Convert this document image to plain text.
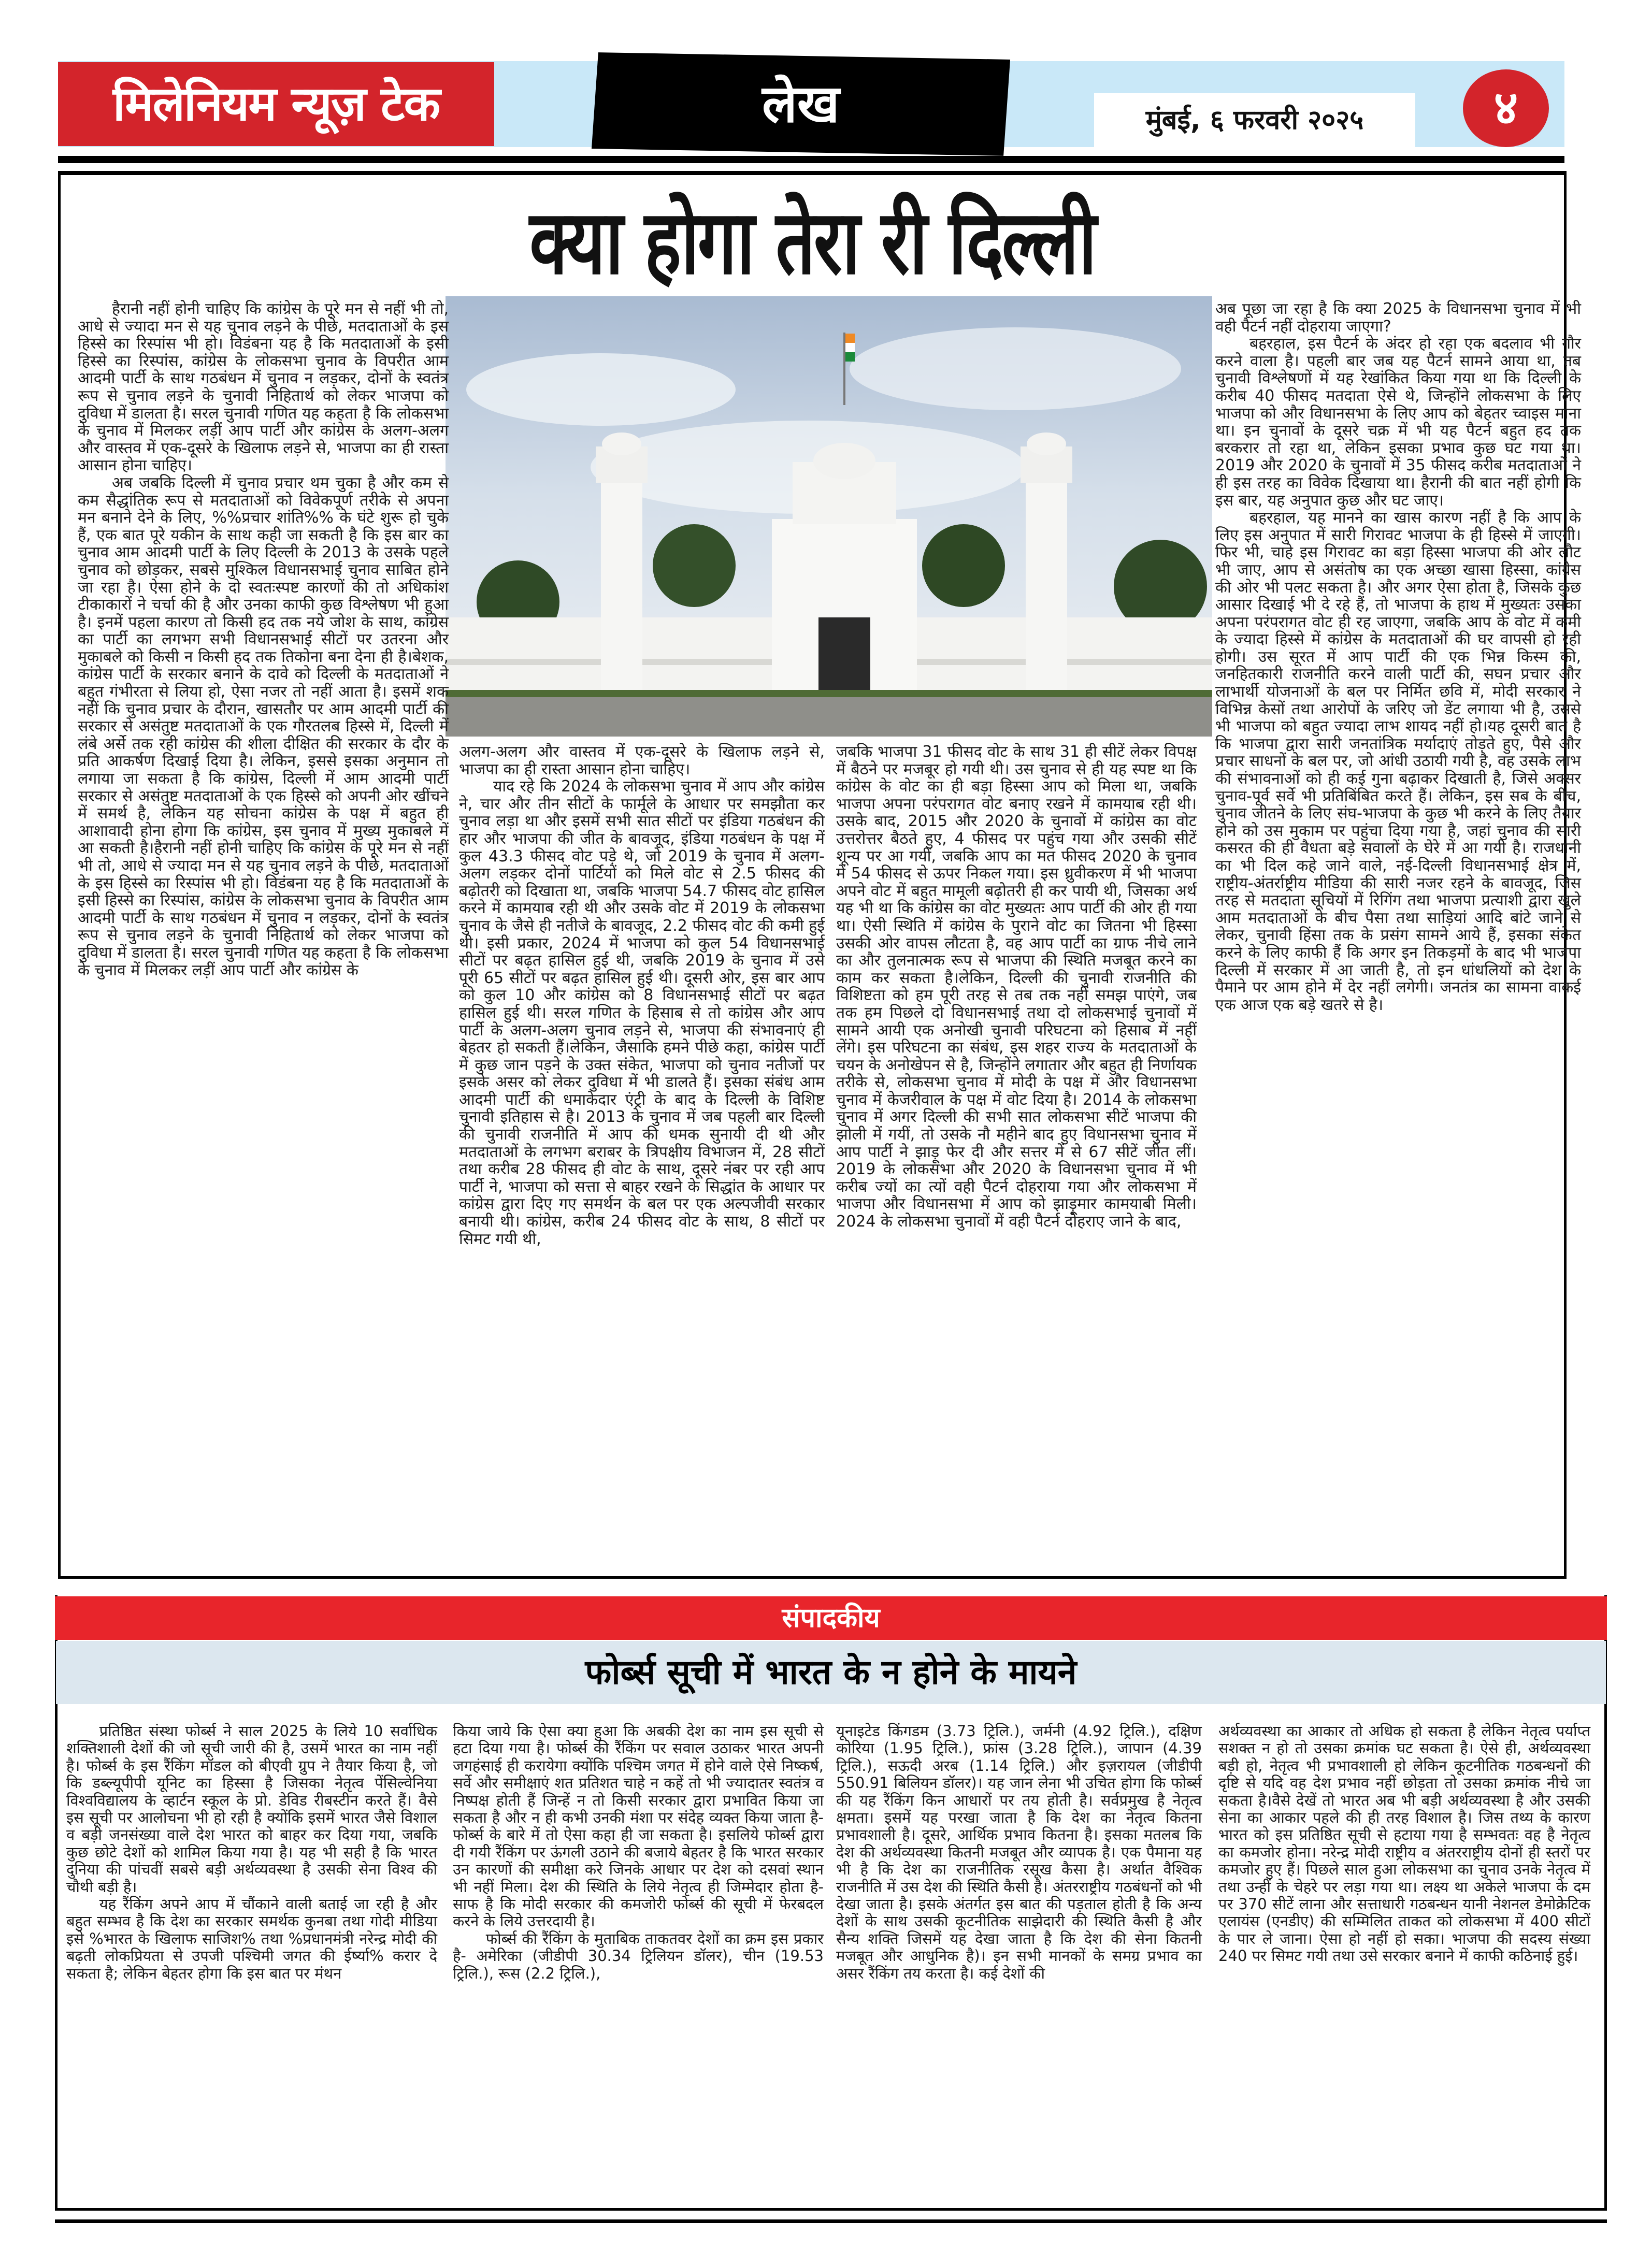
मिलेनियम न्यूज़ टेक	लेख	मुंबई, ६ फरवरी २०२५	४
क्या होगा तेरा री दिल्ली

हैरानी नहीं होनी चाहिए कि कांग्रेस के पूरे मन से नहीं भी तो, आधे से ज्यादा मन से यह चुनाव लड़ने के पीछे, मतदाताओं के इस हिस्से का रिस्पांस भी हो। विडंबना यह है कि मतदाताओं के इसी हिस्से का रिस्पांस, कांग्रेस के लोकसभा चुनाव के विपरीत आम आदमी पार्टी के साथ गठबंधन में चुनाव न लड़कर, दोनों के स्वतंत्र रूप से चुनाव लड़ने के चुनावी निहितार्थ को लेकर भाजपा को दुविधा में डालता है। सरल चुनावी गणित यह कहता है कि लोकसभा के चुनाव में मिलकर लड़ीं आप पार्टी और कांग्रेस के अलग-अलग और वास्तव में एक-दूसरे के खिलाफ लड़ने से, भाजपा का ही रास्ता आसान होना चाहिए।

अब जबकि दिल्ली में चुनाव प्रचार थम चुका है और कम से कम सैद्धांतिक रूप से मतदाताओं को विवेकपूर्ण तरीके से अपना मन बनाने देने के लिए, %%प्रचार शांति%% के घंटे शुरू हो चुके हैं, एक बात पूरे यकीन के साथ कही जा सकती है कि इस बार का चुनाव आम आदमी पार्टी के लिए दिल्ली के 2013 के उसके पहले चुनाव को छोड़कर, सबसे मुश्किल विधानसभाई चुनाव साबित होने जा रहा है। ऐसा होने के दो स्वतःस्पष्ट कारणों की तो अधिकांश टीकाकारों ने चर्चा की है और उनका काफी कुछ विश्लेषण भी हुआ है। इनमें पहला कारण तो किसी हद तक नये जोश के साथ, कांग्रेस का पार्टी का लगभग सभी विधानसभाई सीटों पर उतरना और मुकाबले को किसी न किसी हद तक तिकोना बना देना ही है।बेशक, कांग्रेस पार्टी के सरकार बनाने के दावे को दिल्ली के मतदाताओं ने बहुत गंभीरता से लिया हो, ऐसा नजर तो नहीं आता है। इसमें शक नहीं कि चुनाव प्रचार के दौरान, खासतौर पर आम आदमी पार्टी की सरकार से असंतुष्ट मतदाताओं के एक गौरतलब हिस्से में, दिल्ली में लंबे अर्से तक रही कांग्रेस की शीला दीक्षित की सरकार के दौर के प्रति आकर्षण दिखाई दिया है। लेकिन, इससे इसका अनुमान तो लगाया जा सकता है कि कांग्रेस, दिल्ली में आम आदमी पार्टी सरकार से असंतुष्ट मतदाताओं के एक हिस्से को अपनी ओर खींचने में समर्थ है, लेकिन यह सोचना कांग्रेस के पक्ष में बहुत ही आशावादी होना होगा कि कांग्रेस, इस चुनाव में मुख्य मुकाबले में आ सकती है।हैरानी नहीं होनी चाहिए कि कांग्रेस के पूरे मन से नहीं भी तो, आधे से ज्यादा मन से यह चुनाव लड़ने के पीछे, मतदाताओं के इस हिस्से का रिस्पांस भी हो। विडंबना यह है कि मतदाताओं के इसी हिस्से का रिस्पांस, कांग्रेस के लोकसभा चुनाव के विपरीत आम आदमी पार्टी के साथ गठबंधन में चुनाव न लड़कर, दोनों के स्वतंत्र रूप से चुनाव लड़ने के चुनावी निहितार्थ को लेकर भाजपा को दुविधा में डालता है। सरल चुनावी गणित यह कहता है कि लोकसभा के चुनाव में मिलकर लड़ीं आप पार्टी और कांग्रेस के

अलग-अलग और वास्तव में एक-दूसरे के खिलाफ लड़ने से, भाजपा का ही रास्ता आसान होना चाहिए।

याद रहे कि 2024 के लोकसभा चुनाव में आप और कांग्रेस ने, चार और तीन सीटों के फार्मूले के आधार पर समझौता कर चुनाव लड़ा था और इसमें सभी सात सीटों पर इंडिया गठबंधन की हार और भाजपा की जीत के बावजूद, इंडिया गठबंधन के पक्ष में कुल 43.3 फीसद वोट पड़े थे, जो 2019 के चुनाव में अलग-अलग लड़कर दोनों पार्टियों को मिले वोट से 2.5 फीसद की बढ़ोतरी को दिखाता था, जबकि भाजपा 54.7 फीसद वोट हासिल करने में कामयाब रही थी और उसके वोट में 2019 के लोकसभा चुनाव के जैसे ही नतीजे के बावजूद, 2.2 फीसद वोट की कमी हुई थी। इसी प्रकार, 2024 में भाजपा को कुल 54 विधानसभाई सीटों पर बढ़त हासिल हुई थी, जबकि 2019 के चुनाव में उसे पूरी 65 सीटों पर बढ़त हासिल हुई थी। दूसरी ओर, इस बार आप को कुल 10 और कांग्रेस को 8 विधानसभाई सीटों पर बढ़त हासिल हुई थी। सरल गणित के हिसाब से तो कांग्रेस और आप पार्टी के अलग-अलग चुनाव लड़ने से, भाजपा की संभावनाएं ही बेहतर हो सकती हैं।लेकिन, जैसाकि हमने पीछे कहा, कांग्रेस पार्टी में कुछ जान पड़ने के उक्त संकेत, भाजपा को चुनाव नतीजों पर इसके असर को लेकर दुविधा में भी डालते हैं। इसका संबंध आम आदमी पार्टी की धमाकेदार एंट्री के बाद के दिल्ली के विशिष्ट चुनावी इतिहास से है। 2013 के चुनाव में जब पहली बार दिल्ली की चुनावी राजनीति में आप की धमक सुनायी दी थी और मतदाताओं के लगभग बराबर के त्रिपक्षीय विभाजन में, 28 सीटों तथा करीब 28 फीसद ही वोट के साथ, दूसरे नंबर पर रही आप पार्टी ने, भाजपा को सत्ता से बाहर रखने के सिद्धांत के आधार पर कांग्रेस द्वारा दिए गए समर्थन के बल पर एक अल्पजीवी सरकार बनायी थी। कांग्रेस, करीब 24 फीसद वोट के साथ, 8 सीटों पर सिमट गयी थी,

जबकि भाजपा 31 फीसद वोट के साथ 31 ही सीटें लेकर विपक्ष में बैठने पर मजबूर हो गयी थी। उस चुनाव से ही यह स्पष्ट था कि कांग्रेस के वोट का ही बड़ा हिस्सा आप को मिला था, जबकि भाजपा अपना परंपरागत वोट बनाए रखने में कामयाब रही थी। उसके बाद, 2015 और 2020 के चुनावों में कांग्रेस का वोट उत्तरोत्तर बैठते हुए, 4 फीसद पर पहुंच गया और उसकी सीटें शून्य पर आ गयीं, जबकि आप का मत फीसद 2020 के चुनाव में 54 फीसद से ऊपर निकल गया। इस ध्रुवीकरण में भी भाजपा अपने वोट में बहुत मामूली बढ़ोतरी ही कर पायी थी, जिसका अर्थ यह भी था कि कांग्रेस का वोट मुख्यतः आप पार्टी की ओर ही गया था। ऐसी स्थिति में कांग्रेस के पुराने वोट का जितना भी हिस्सा उसकी ओर वापस लौटता है, वह आप पार्टी का ग्राफ नीचे लाने का और तुलनात्मक रूप से भाजपा की स्थिति मजबूत करने का काम कर सकता है।लेकिन, दिल्ली की चुनावी राजनीति की विशिष्टता को हम पूरी तरह से तब तक नहीं समझ पाएंगे, जब तक हम पिछले दो विधानसभाई तथा दो लोकसभाई चुनावों में सामने आयी एक अनोखी चुनावी परिघटना को हिसाब में नहीं लेंगे। इस परिघटना का संबंध, इस शहर राज्य के मतदाताओं के चयन के अनोखेपन से है, जिन्होंने लगातार और बहुत ही निर्णायक तरीके से, लोकसभा चुनाव में मोदी के पक्ष में और विधानसभा चुनाव में केजरीवाल के पक्ष में वोट दिया है। 2014 के लोकसभा चुनाव में अगर दिल्ली की सभी सात लोकसभा सीटें भाजपा की झोली में गयीं, तो उसके नौ महीने बाद हुए विधानसभा चुनाव में आप पार्टी ने झाड़ू फेर दी और सत्तर में से 67 सीटें जीत लीं। 2019 के लोकसभा और 2020 के विधानसभा चुनाव में भी करीब ज्यों का त्यों वही पैटर्न दोहराया गया और लोकसभा में भाजपा और विधानसभा में आप को झाड़ूमार कामयाबी मिली। 2024 के लोकसभा चुनावों में वही पैटर्न दोहराए जाने के बाद,

अब पूछा जा रहा है कि क्या 2025 के विधानसभा चुनाव में भी वही पैटर्न नहीं दोहराया जाएगा?

बहरहाल, इस पैटर्न के अंदर हो रहा एक बदलाव भी गौर करने वाला है। पहली बार जब यह पैटर्न सामने आया था, तब चुनावी विश्लेषणों में यह रेखांकित किया गया था कि दिल्ली के करीब 40 फीसद मतदाता ऐसे थे, जिन्होंने लोकसभा के लिए भाजपा को और विधानसभा के लिए आप को बेहतर च्वाइस माना था। इन चुनावों के दूसरे चक्र में भी यह पैटर्न बहुत हद तक बरकरार तो रहा था, लेकिन इसका प्रभाव कुछ घट गया था। 2019 और 2020 के चुनावों में 35 फीसद करीब मतदाताओं ने ही इस तरह का विवेक दिखाया था। हैरानी की बात नहीं होगी कि इस बार, यह अनुपात कुछ और घट जाए।

बहरहाल, यह मानने का खास कारण नहीं है कि आप के लिए इस अनुपात में सारी गिरावट भाजपा के ही हिस्से में जाएगी। फिर भी, चाहे इस गिरावट का बड़ा हिस्सा भाजपा की ओर लौट भी जाए, आप से असंतोष का एक अच्छा खासा हिस्सा, कांग्रेस की ओर भी पलट सकता है। और अगर ऐसा होता है, जिसके कुछ आसार दिखाई भी दे रहे हैं, तो भाजपा के हाथ में मुख्यतः उसका अपना परंपरागत वोट ही रह जाएगा, जबकि आप के वोट में कमी के ज्यादा हिस्से में कांग्रेस के मतदाताओं की घर वापसी हो रही होगी। उस सूरत में आप पार्टी की एक भिन्न किस्म की, जनहितकारी राजनीति करने वाली पार्टी की, सघन प्रचार और लाभार्थी योजनाओं के बल पर निर्मित छवि में, मोदी सरकार ने विभिन्न केसों तथा आरोपों के जरिए जो डेंट लगाया भी है, उससे भी भाजपा को बहुत ज्यादा लाभ शायद नहीं हो।यह दूसरी बात है कि भाजपा द्वारा सारी जनतांत्रिक मर्यादाएं तोड़ते हुए, पैसे और प्रचार साधनों के बल पर, जो आंधी उठायी गयी है, वह उसके लाभ की संभावनाओं को ही कई गुना बढ़ाकर दिखाती है, जिसे अक्सर चुनाव-पूर्व सर्वे भी प्रतिबिंबित करते हैं। लेकिन, इस सब के बीच, चुनाव जीतने के लिए संघ-भाजपा के कुछ भी करने के लिए तैयार होने को उस मुकाम पर पहुंचा दिया गया है, जहां चुनाव की सारी कसरत की ही वैधता बड़े सवालों के घेरे में आ गयी है। राजधानी का भी दिल कहे जाने वाले, नई-दिल्ली विधानसभाई क्षेत्र में, राष्ट्रीय-अंतर्राष्ट्रीय मीडिया की सारी नजर रहने के बावजूद, जिस तरह से मतदाता सूचियों में रिगिंग तथा भाजपा प्रत्याशी द्वारा खुले आम मतदाताओं के बीच पैसा तथा साड़ियां आदि बांटे जाने से लेकर, चुनावी हिंसा तक के प्रसंग सामने आये हैं, इसका संकेत करने के लिए काफी हैं कि अगर इन तिकड़मों के बाद भी भाजपा दिल्ली में सरकार में आ जाती है, तो इन धांधलियों को देश के पैमाने पर आम होने में देर नहीं लगेगी। जनतंत्र का सामना वाकई एक आज एक बड़े खतरे से है।

संपादकीय
फोर्ब्स सूची में भारत के न होने के मायने

प्रतिष्ठित संस्था फोर्ब्स ने साल 2025 के लिये 10 सर्वाधिक शक्तिशाली देशों की जो सूची जारी की है, उसमें भारत का नाम नहीं है। फोर्ब्स के इस रैंकिंग मॉडल को बीएवी ग्रुप ने तैयार किया है, जो कि डब्ल्यूपीपी यूनिट का हिस्सा है जिसका नेतृत्व पेंसिल्वेनिया विश्वविद्यालय के व्हार्टन स्कूल के प्रो. डेविड रीबस्टीन करते हैं। वैसे इस सूची पर आलोचना भी हो रही है क्योंकि इसमें भारत जैसे विशाल व बड़ी जनसंख्या वाले देश भारत को बाहर कर दिया गया, जबकि कुछ छोटे देशों को शामिल किया गया है। यह भी सही है कि भारत दुनिया की पांचवीं सबसे बड़ी अर्थव्यवस्था है उसकी सेना विश्व की चौथी बड़ी है।

यह रैंकिंग अपने आप में चौंकाने वाली बताई जा रही है और बहुत सम्भव है कि देश का सरकार समर्थक कुनबा तथा गोदी मीडिया इसे %भारत के खिलाफ साजिश% तथा %प्रधानमंत्री नरेन्द्र मोदी की बढ़ती लोकप्रियता से उपजी पश्चिमी जगत की ईर्ष्या% करार दे सकता है; लेकिन बेहतर होगा कि इस बात पर मंथन

किया जाये कि ऐसा क्या हुआ कि अबकी देश का नाम इस सूची से हटा दिया गया है। फोर्ब्स की रैंकिंग पर सवाल उठाकर भारत अपनी जगहंसाई ही करायेगा क्योंकि पश्चिम जगत में होने वाले ऐसे निष्कर्ष, सर्वे और समीक्षाएं शत प्रतिशत चाहे न कहें तो भी ज्यादातर स्वतंत्र व निष्पक्ष होती हैं जिन्हें न तो किसी सरकार द्वारा प्रभावित किया जा सकता है और न ही कभी उनकी मंशा पर संदेह व्यक्त किया जाता है- फोर्ब्स के बारे में तो ऐसा कहा ही जा सकता है। इसलिये फोर्ब्स द्वारा दी गयी रैंकिंग पर ऊंगली उठाने की बजाये बेहतर है कि भारत सरकार उन कारणों की समीक्षा करे जिनके आधार पर देश को दसवां स्थान भी नहीं मिला। देश की स्थिति के लिये नेतृत्व ही जिम्मेदार होता है- साफ है कि मोदी सरकार की कमजोरी फोर्ब्स की सूची में फेरबदल करने के लिये उत्तरदायी है।

फोर्ब्स की रैंकिंग के मुताबिक ताकतवर देशों का क्रम इस प्रकार है- अमेरिका (जीडीपी 30.34 ट्रिलियन डॉलर), चीन (19.53 ट्रिलि.), रूस (2.2 ट्रिलि.),

यूनाइटेड किंगडम (3.73 ट्रिलि.), जर्मनी (4.92 ट्रिलि.), दक्षिण कोरिया (1.95 ट्रिलि.), फ्रांस (3.28 ट्रिलि.), जापान (4.39 ट्रिलि.), सऊदी अरब (1.14 ट्रिलि.) और इज़रायल (जीडीपी 550.91 बिलियन डॉलर)। यह जान लेना भी उचित होगा कि फोर्ब्स की यह रैंकिंग किन आधारों पर तय होती है। सर्वप्रमुख है नेतृत्व क्षमता। इसमें यह परखा जाता है कि देश का नेतृत्व कितना प्रभावशाली है। दूसरे, आर्थिक प्रभाव कितना है। इसका मतलब कि देश की अर्थव्यवस्था कितनी मजबूत और व्यापक है। एक पैमाना यह भी है कि देश का राजनीतिक रसूख कैसा है। अर्थात वैश्विक राजनीति में उस देश की स्थिति कैसी है। अंतरराष्ट्रीय गठबंधनों को भी देखा जाता है। इसके अंतर्गत इस बात की पड़ताल होती है कि अन्य देशों के साथ उसकी कूटनीतिक साझेदारी की स्थिति कैसी है और सैन्य शक्ति जिसमें यह देखा जाता है कि देश की सेना कितनी मजबूत और आधुनिक है)। इन सभी मानकों के समग्र प्रभाव का असर रैंकिंग तय करता है। कई देशों की

अर्थव्यवस्था का आकार तो अधिक हो सकता है लेकिन नेतृत्व पर्याप्त सशक्त न हो तो उसका क्रमांक घट सकता है। ऐसे ही, अर्थव्यवस्था बड़ी हो, नेतृत्व भी प्रभावशाली हो लेकिन कूटनीतिक गठबन्धनों की दृष्टि से यदि वह देश प्रभाव नहीं छोड़ता तो उसका क्रमांक नीचे जा सकता है।वैसे देखें तो भारत अब भी बड़ी अर्थव्यवस्था है और उसकी सेना का आकार पहले की ही तरह विशाल है। जिस तथ्य के कारण भारत को इस प्रतिष्ठित सूची से हटाया गया है सम्भवतः वह है नेतृत्व का कमजोर होना। नरेन्द्र मोदी राष्ट्रीय व अंतरराष्ट्रीय दोनों ही स्तरों पर कमजोर हुए हैं। पिछले साल हुआ लोकसभा का चुनाव उनके नेतृत्व में तथा उन्हीं के चेहरे पर लड़ा गया था। लक्ष्य था अकेले भाजपा के दम पर 370 सीटें लाना और सत्ताधारी गठबन्धन यानी नेशनल डेमोक्रेटिक एलायंस (एनडीए) की सम्मिलित ताकत को लोकसभा में 400 सीटों के पार ले जाना। ऐसा हो नहीं हो सका। भाजपा की सदस्य संख्या 240 पर सिमट गयी तथा उसे सरकार बनाने में काफी कठिनाई हुई।
